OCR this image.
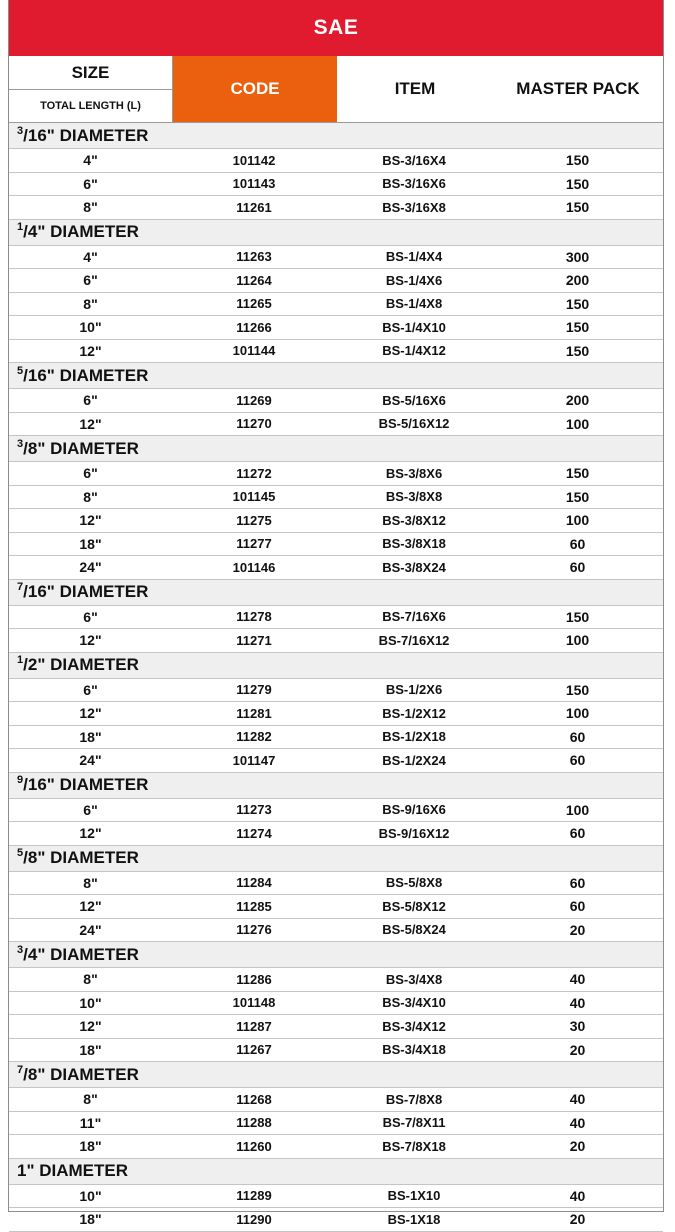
SAE
SIZE
TOTAL LENGTH (L)
CODE	ITEM	MASTER PACK
3 / 16 " DIAMETER
4"	101142	BS-3/16X4	150
6"	101143	BS-3/16X6	150
8"	11261	BS-3/16X8	150
1 / 4 " DIAMETER
4"	11263	BS-1/4X4	300
6"	11264	BS-1/4X6	200
8"	11265	BS-1/4X8	150
10"	11266	BS-1/4X10	150
12"	101144	BS-1/4X12	150
5 / 16 " DIAMETER
6"	11269	BS-5/16X6	200
12"	11270	BS-5/16X12	100
3 / 8 " DIAMETER
6"	11272	BS-3/8X6	150
8"	101145	BS-3/8X8	150
12"	11275	BS-3/8X12	100
18"	11277	BS-3/8X18	60
24"	101146	BS-3/8X24	60
7 / 16 " DIAMETER
6"	11278	BS-7/16X6	150
12"	11271	BS-7/16X12	100
1 / 2 " DIAMETER
6"	11279	BS-1/2X6	150
12"	11281	BS-1/2X12	100
18"	11282	BS-1/2X18	60
24"	101147	BS-1/2X24	60
9 / 16 " DIAMETER
6"	11273	BS-9/16X6	100
12"	11274	BS-9/16X12	60
5 / 8 " DIAMETER
8"	11284	BS-5/8X8	60
12"	11285	BS-5/8X12	60
24"	11276	BS-5/8X24	20
3 / 4 " DIAMETER
8"	11286	BS-3/4X8	40
10"	101148	BS-3/4X10	40
12"	11287	BS-3/4X12	30
18"	11267	BS-3/4X18	20
7 / 8 " DIAMETER
8"	11268	BS-7/8X8	40
11"	11288	BS-7/8X11	40
18"	11260	BS-7/8X18	20
1" DIAMETER
10"	11289	BS-1X10	40
18"	11290	BS-1X18	20
